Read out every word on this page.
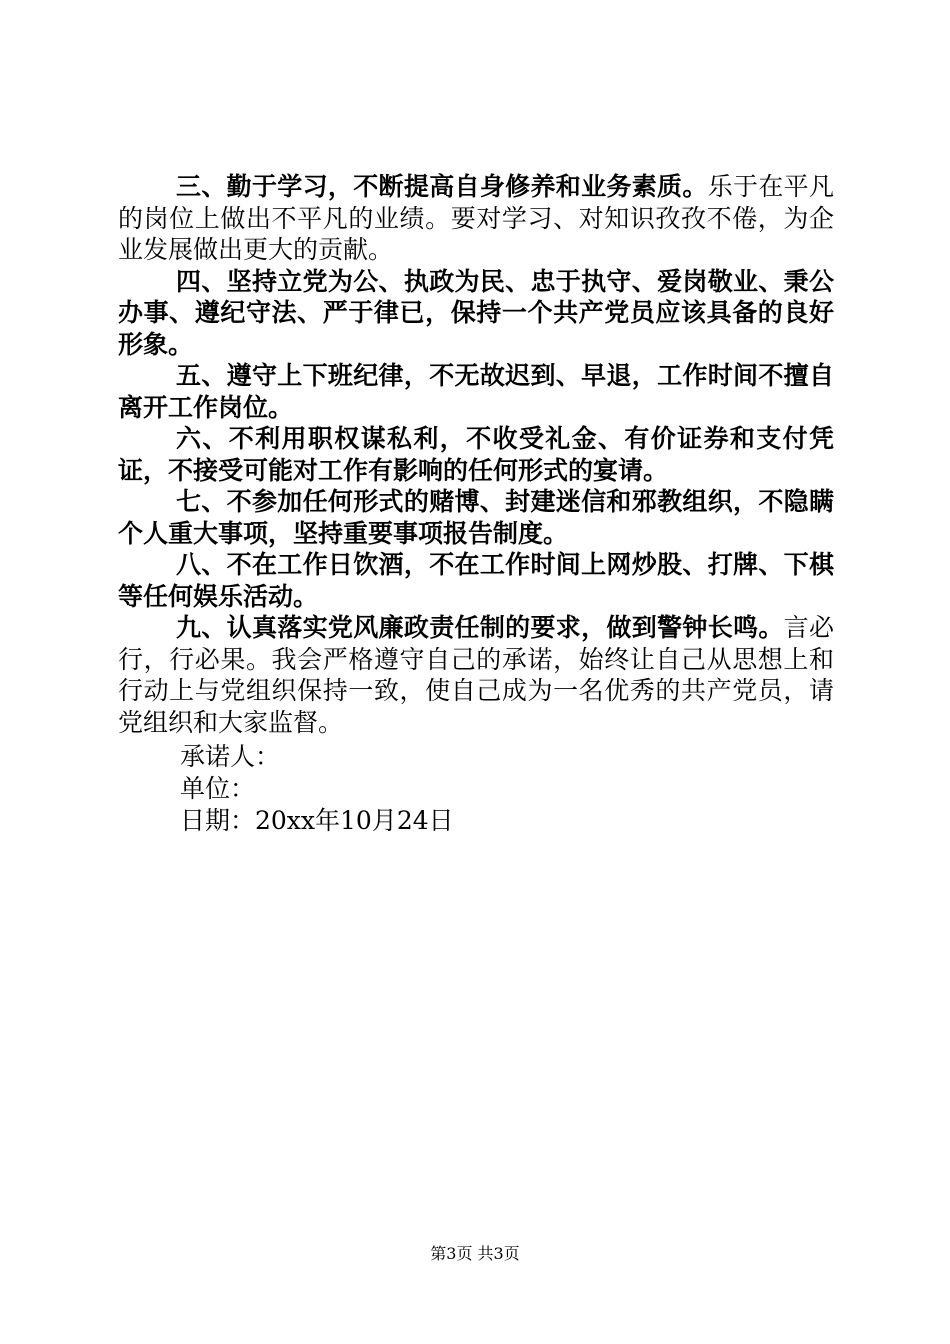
三、勤于学习，不断提高自身修养和业务素质。乐于在平凡的岗位上做出不平凡的业绩。要对学习、对知识孜孜不倦，为企业发展做出更大的贡献。

四、坚持立党为公、执政为民、忠于执守、爱岗敬业、秉公办事、遵纪守法、严于律已，保持一个共产党员应该具备的良好形象。

五、遵守上下班纪律，不无故迟到、早退，工作时间不擅自离开工作岗位。

六、不利用职权谋私利，不收受礼金、有价证券和支付凭证，不接受可能对工作有影响的任何形式的宴请。

七、不参加任何形式的赌博、封建迷信和邪教组织，不隐瞒个人重大事项，坚持重要事项报告制度。

八、不在工作日饮酒，不在工作时间上网炒股、打牌、下棋等任何娱乐活动。

九、认真落实党风廉政责任制的要求，做到警钟长鸣。言必行，行必果。我会严格遵守自己的承诺，始终让自己从思想上和行动上与党组织保持一致，使自己成为一名优秀的共产党员，请党组织和大家监督。

承诺人：

单位：

日期：20xx年10月24日

第3页 共3页
